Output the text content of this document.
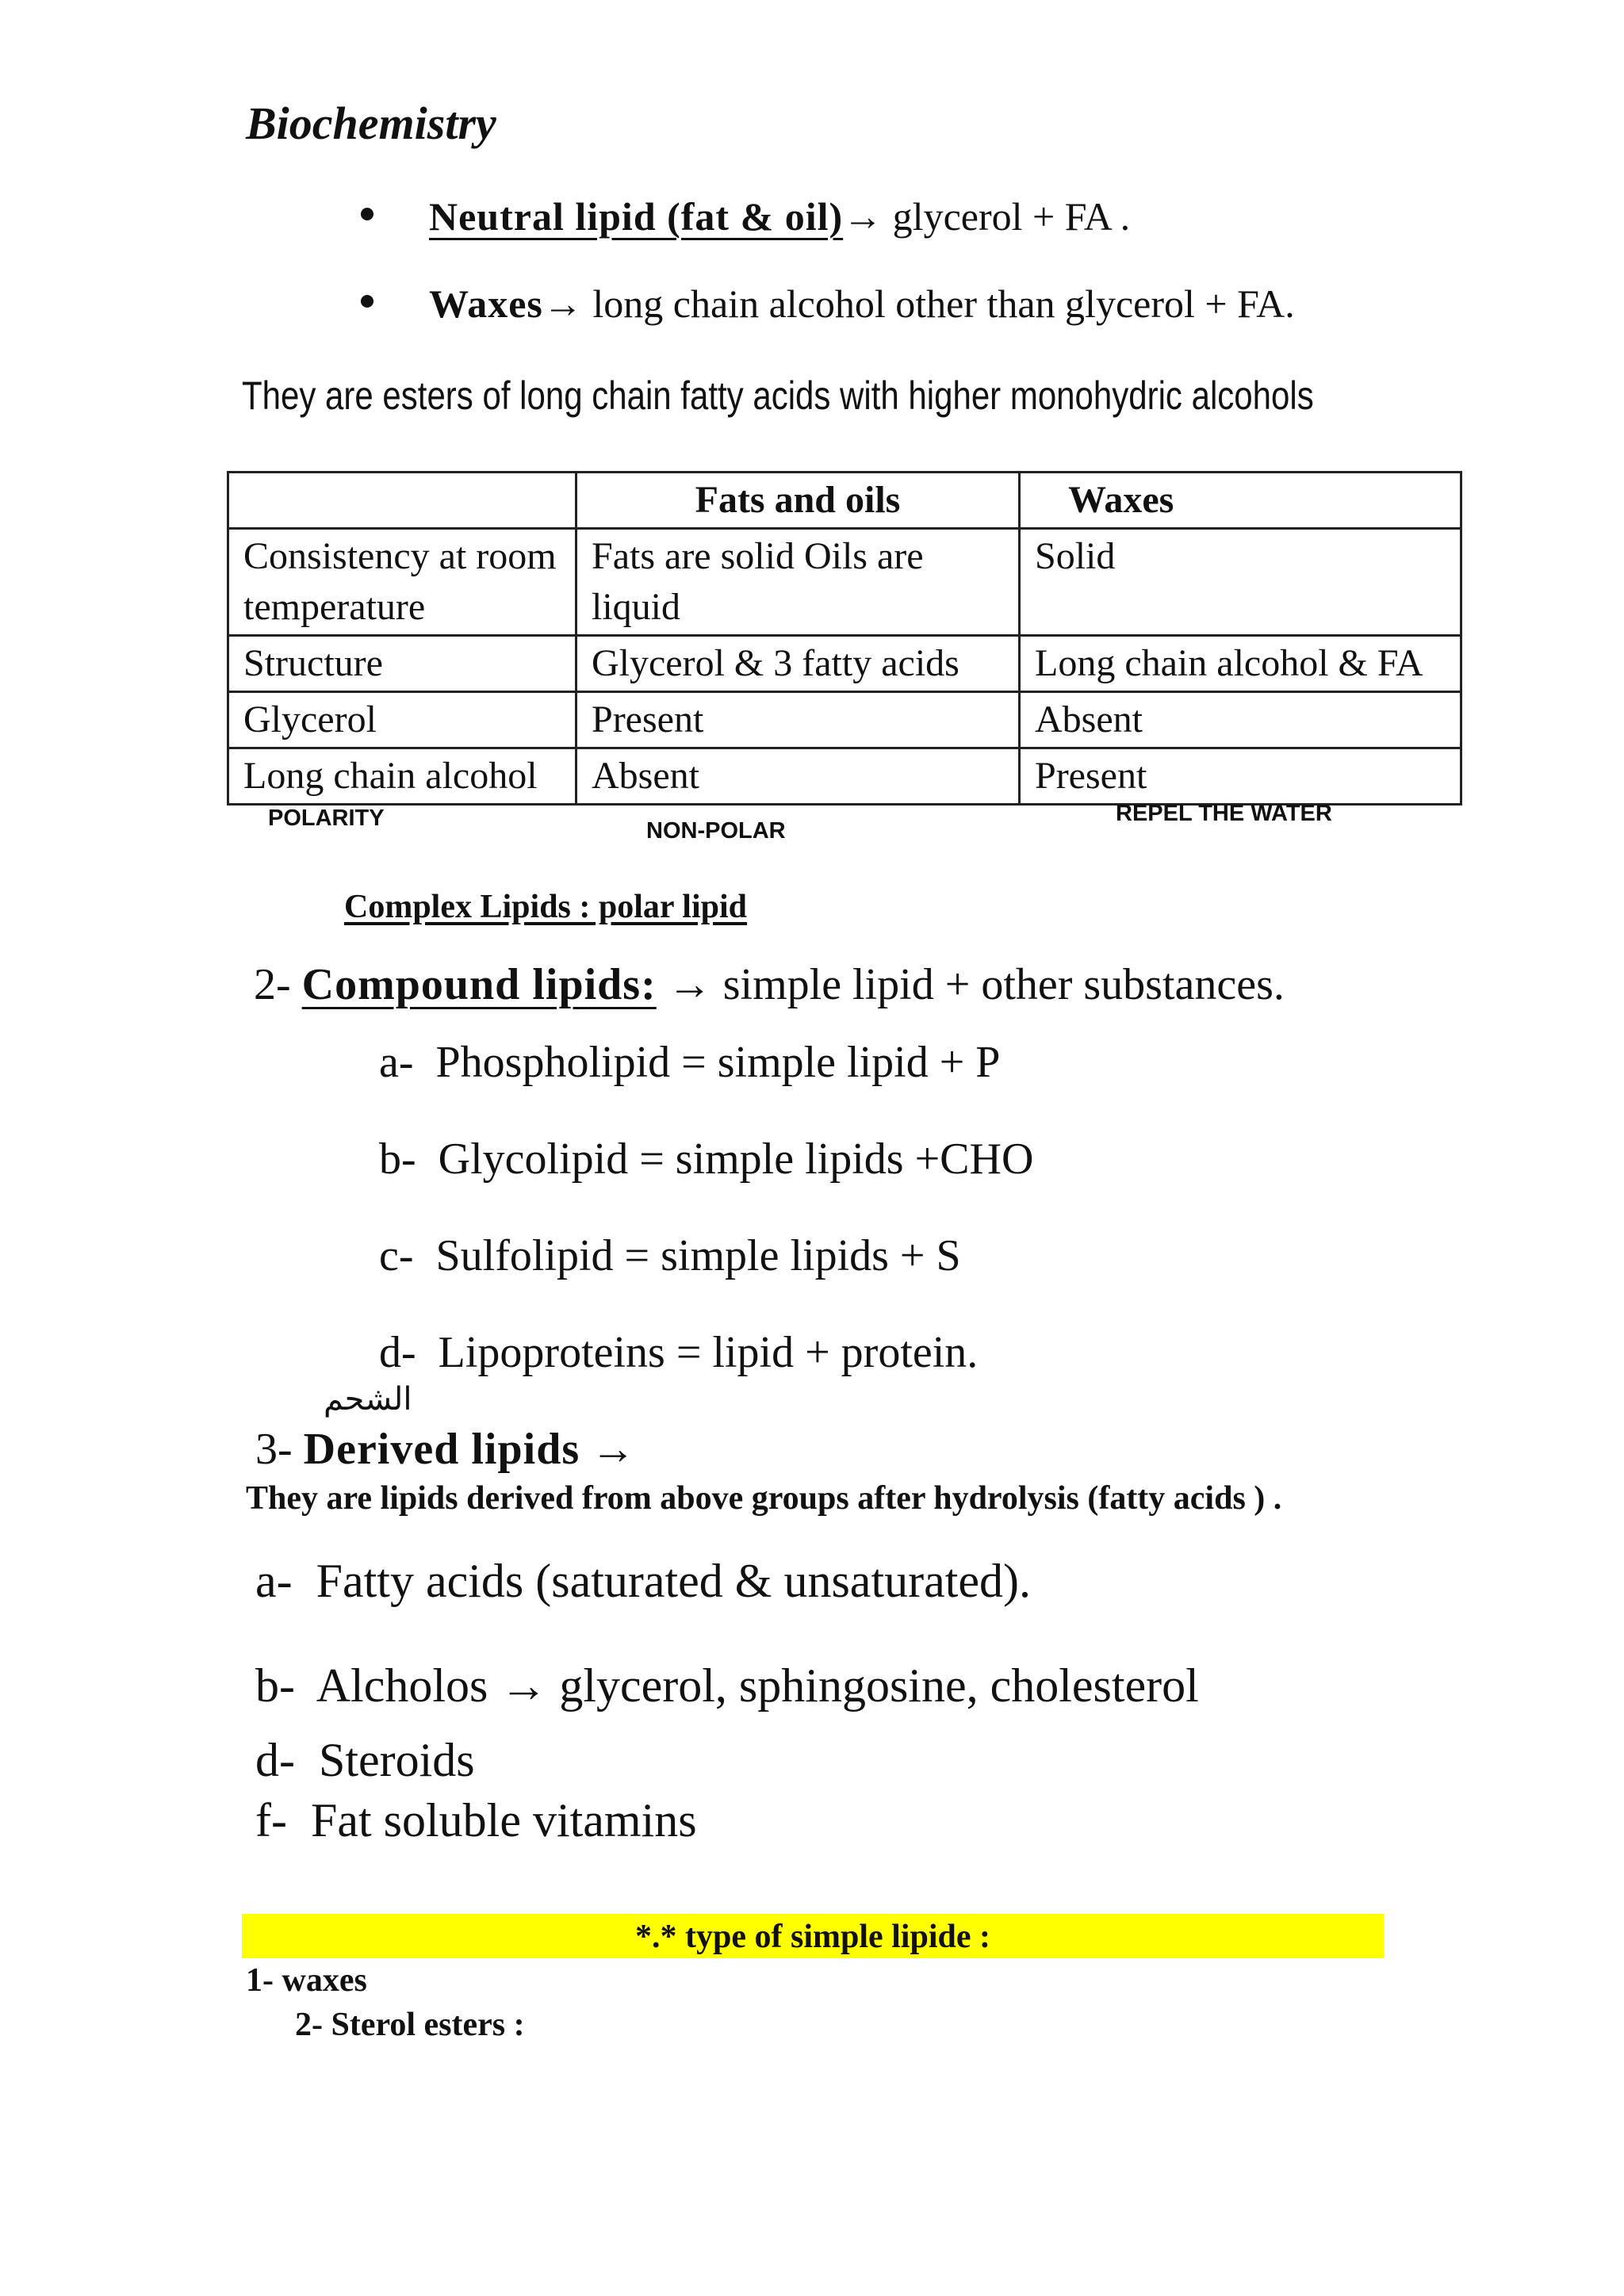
Biochemistry
Neutral lipid (fat & oil) → glycerol + FA .
Waxes → long chain alcohol other than glycerol + FA.
They are esters of long chain fatty acids with higher monohydric alcohols
	Fats and oils	Waxes
Consistency at room temperature	Fats are solid Oils are liquid	Solid
Structure	Glycerol & 3 fatty acids	Long chain alcohol & FA
Glycerol	Present	Absent
Long chain alcohol	Absent	Present
POLARITY	NON-POLAR
REPEL THE WATER
Complex Lipids : polar lipid
2- Compound lipids: → simple lipid + other substances.
a- Phospholipid = simple lipid + P
b- Glycolipid = simple lipids +CHO
c- Sulfolipid = simple lipids + S
d- Lipoproteins = lipid + protein.
الشحم
3- Derived lipids →
They are lipids derived from above groups after hydrolysis (fatty acids ) .
a- Fatty acids (saturated & unsaturated).
b- Alcholos → glycerol, sphingosine, cholesterol
d- Steroids
f- Fat soluble vitamins
*.* type of simple lipide :
1- waxes
2- Sterol esters :
